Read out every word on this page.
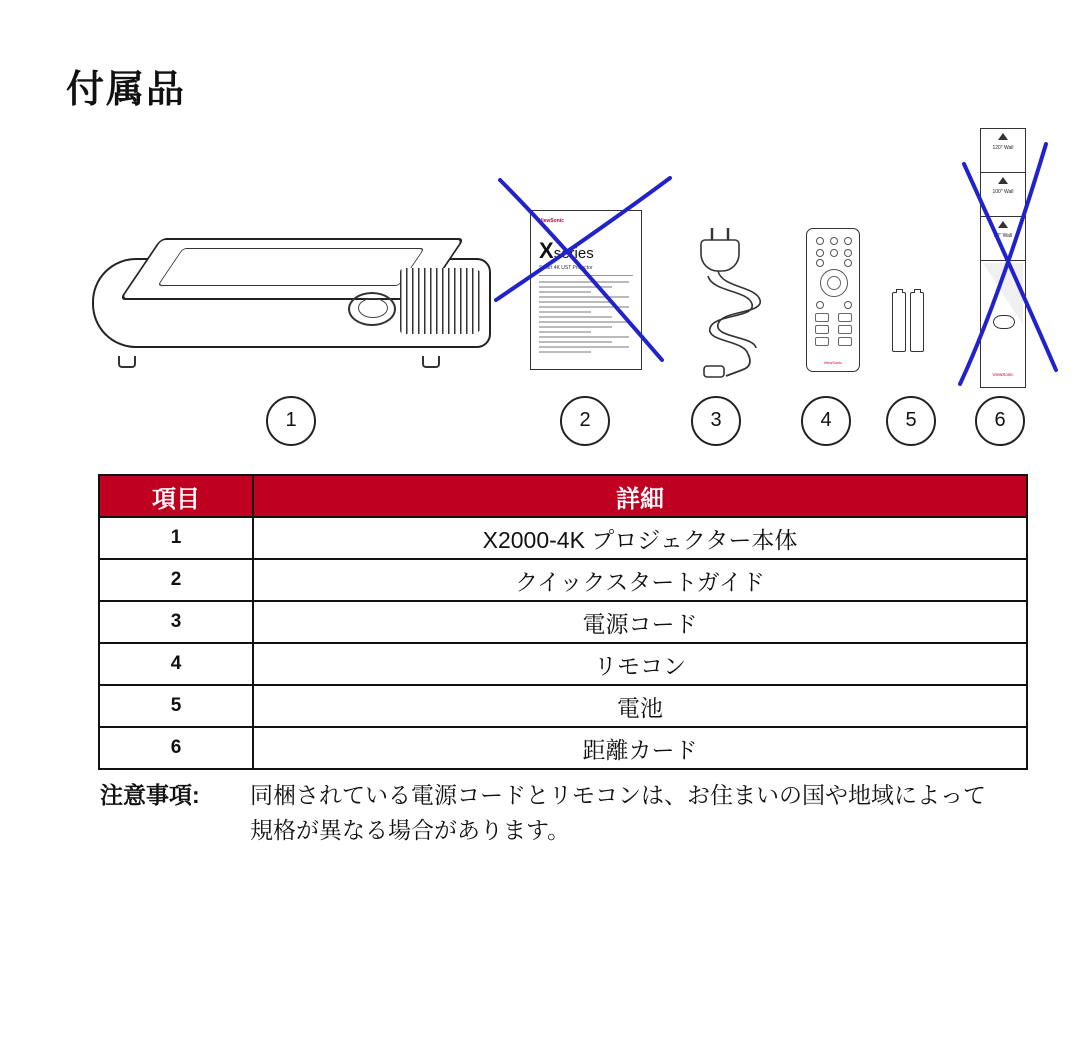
付属品
ViewSonic
Xseries
Smart 4K UST Projector
ViewSonic
120" Wall
100" Wall
80" Wall
ViewSonic
1	2	3	4	5	6
項目	詳細
1	X2000-4K プロジェクター本体
2	クイックスタートガイド
3	電源コード
4	リモコン
5	電池
6	距離カード
注意事項: 同梱されている電源コードとリモコンは、お住まいの国や地域によって規格が異なる場合があります。
